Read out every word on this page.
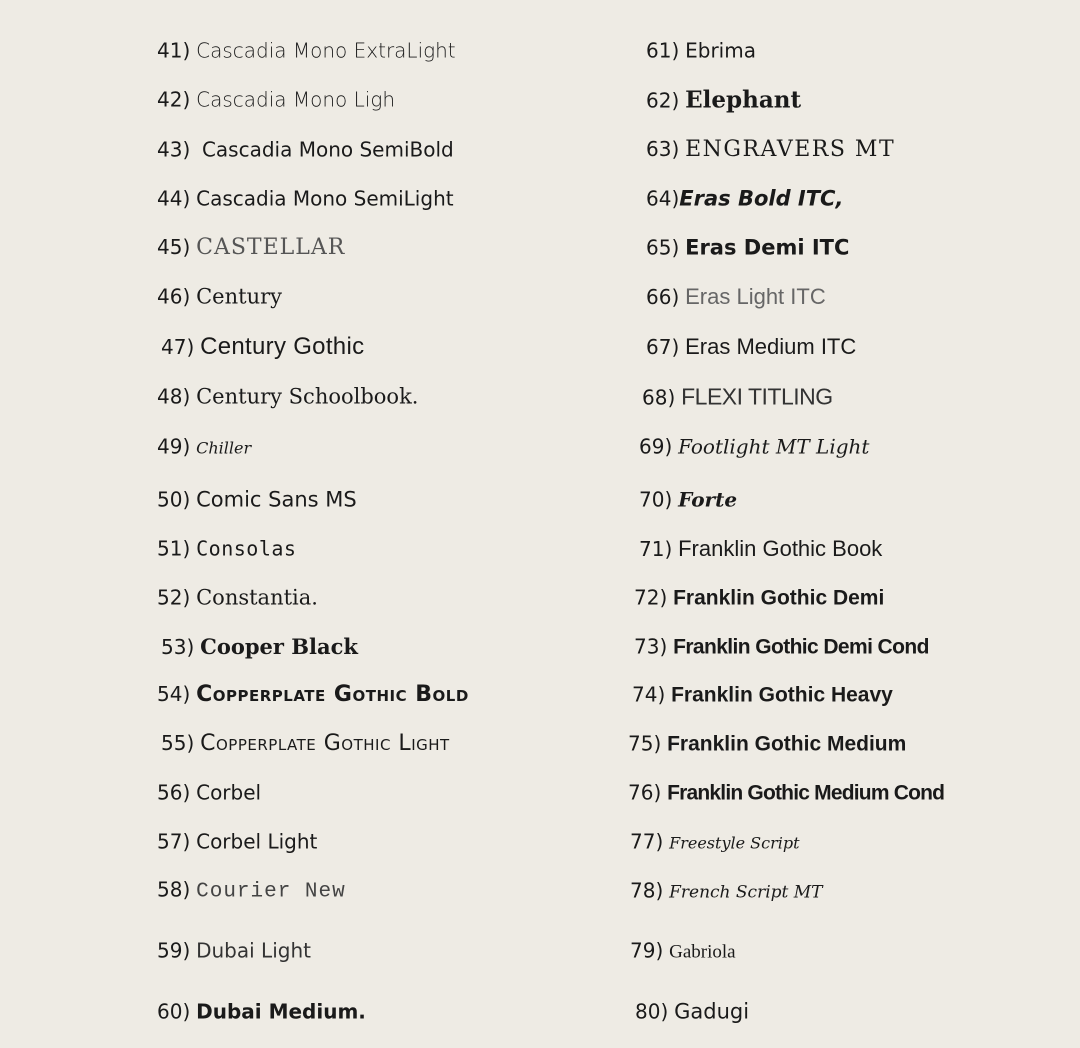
41) Cascadia Mono ExtraLight
42) Cascadia Mono Ligh
43) Cascadia Mono SemiBold
44) Cascadia Mono SemiLight
45) CASTELLAR
46) Century
47) Century Gothic
48) Century Schoolbook.
49) Chiller
50) Comic Sans MS
51) Consolas
52) Constantia.
53) Cooper Black
54) Copperplate Gothic Bold
55) Copperplate Gothic Light
56) Corbel
57) Corbel Light
58) Courier New
59) Dubai Light
60) Dubai Medium.
61) Ebrima
62) Elephant
63) ENGRAVERS MT
64)Eras Bold ITC,
65) Eras Demi ITC
66) Eras Light ITC
67) Eras Medium ITC
68) FLEXI TITLING
69) Footlight MT Light
70) Forte
71) Franklin Gothic Book
72) Franklin Gothic Demi
73) Franklin Gothic Demi Cond
74) Franklin Gothic Heavy
75) Franklin Gothic Medium
76) Franklin Gothic Medium Cond
77) Freestyle Script
78) French Script MT
79) Gabriola
80) Gadugi
